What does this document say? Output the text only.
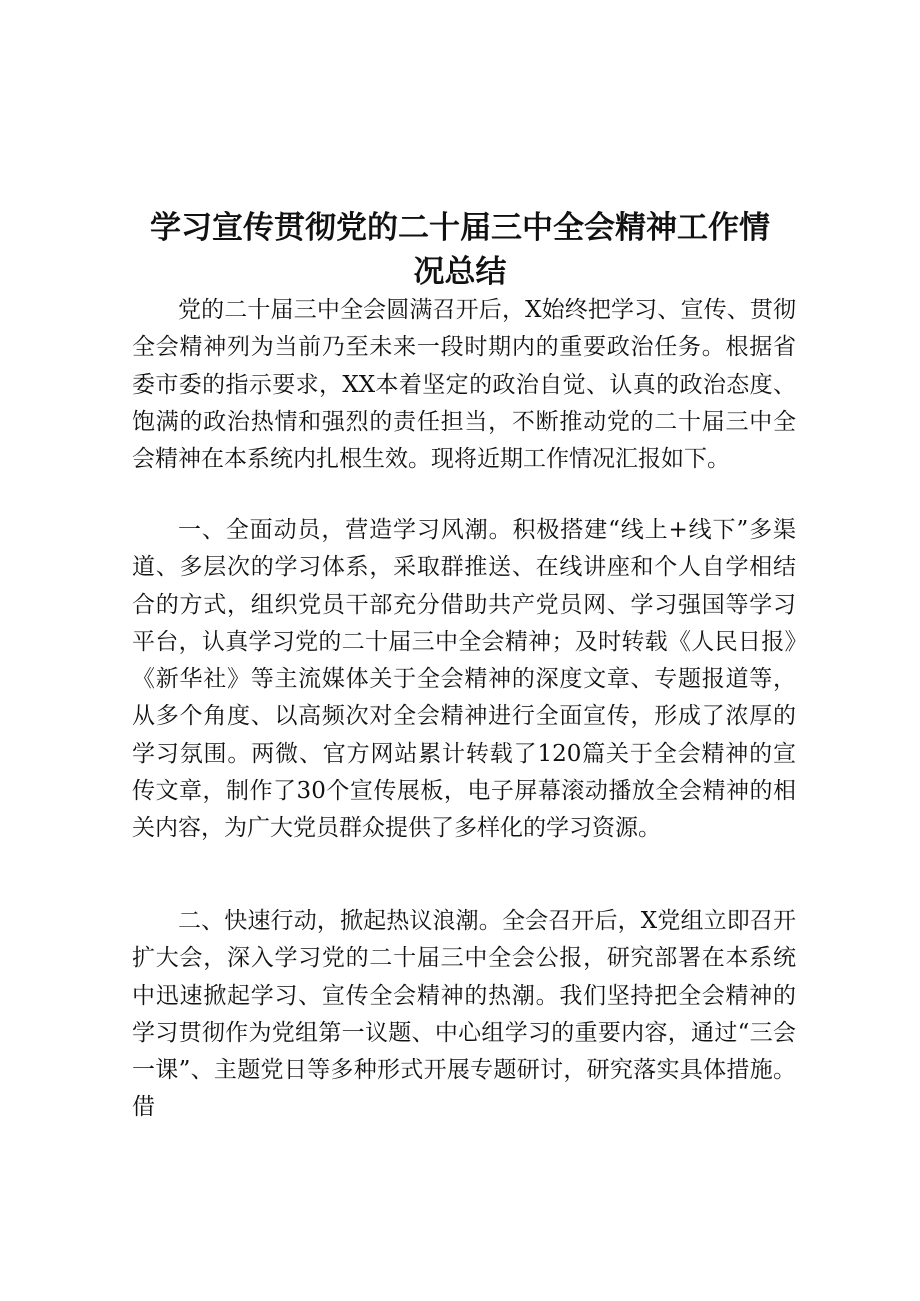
学习宣传贯彻党的二十届三中全会精神工作情
况总结

党的二十届三中全会圆满召开后，X始终把学习、宣传、贯彻全会精神列为当前乃至未来一段时期内的重要政治任务。根据省委市委的指示要求，XX本着坚定的政治自觉、认真的政治态度、饱满的政治热情和强烈的责任担当，不断推动党的二十届三中全会精神在本系统内扎根生效。现将近期工作情况汇报如下。

一、全面动员，营造学习风潮。积极搭建“线上+线下”多渠道、多层次的学习体系，采取群推送、在线讲座和个人自学相结合的方式，组织党员干部充分借助共产党员网、学习强国等学习平台，认真学习党的二十届三中全会精神；及时转载《人民日报》《新华社》等主流媒体关于全会精神的深度文章、专题报道等，从多个角度、以高频次对全会精神进行全面宣传，形成了浓厚的学习氛围。两微、官方网站累计转载了120篇关于全会精神的宣传文章，制作了30个宣传展板，电子屏幕滚动播放全会精神的相关内容，为广大党员群众提供了多样化的学习资源。

二、快速行动，掀起热议浪潮。全会召开后，X党组立即召开扩大会，深入学习党的二十届三中全会公报，研究部署在本系统中迅速掀起学习、宣传全会精神的热潮。我们坚持把全会精神的学习贯彻作为党组第一议题、中心组学习的重要内容，通过“三会一课”、主题党日等多种形式开展专题研讨，研究落实具体措施。借
